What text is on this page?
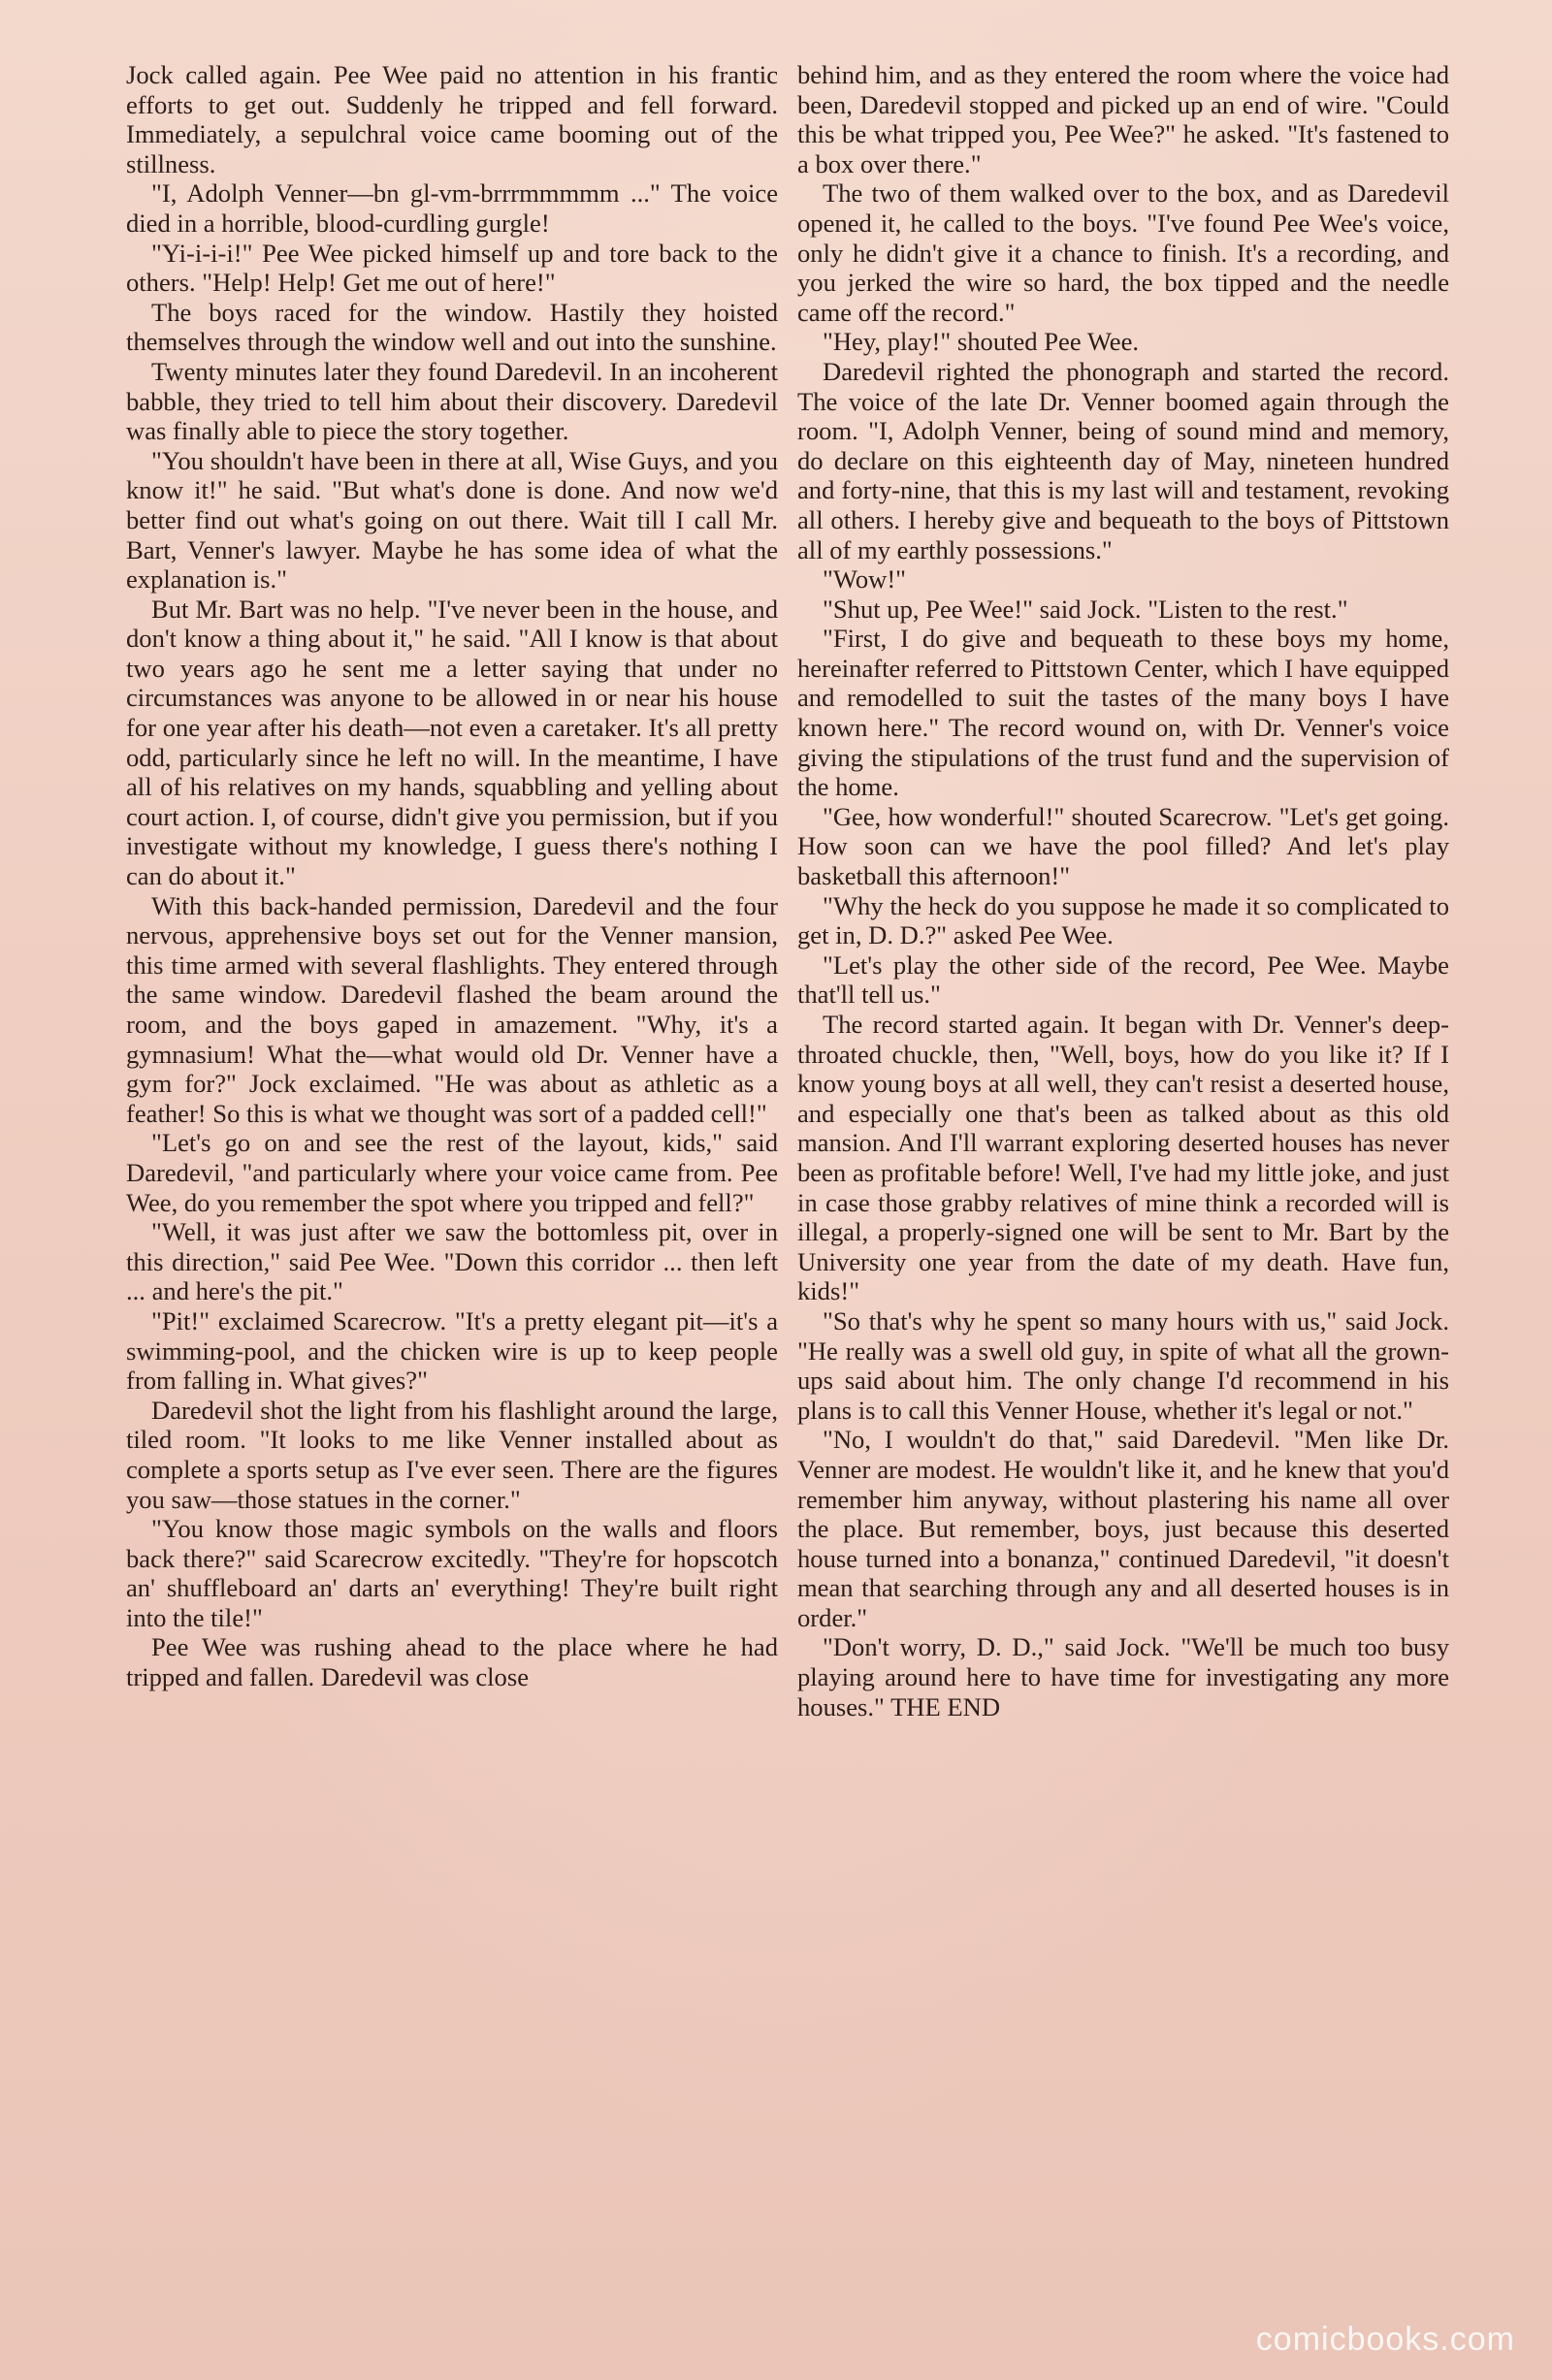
Jock called again. Pee Wee paid no attention in his frantic efforts to get out. Suddenly he tripped and fell forward. Immediately, a sepulchral voice came booming out of the stillness.

"I, Adolph Venner—bn gl-vm-brrrmmmmm ..." The voice died in a horrible, blood-curdling gurgle!

"Yi-i-i-i!" Pee Wee picked himself up and tore back to the others. "Help! Help! Get me out of here!"

The boys raced for the window. Hastily they hoisted themselves through the window well and out into the sunshine.

Twenty minutes later they found Daredevil. In an incoherent babble, they tried to tell him about their discovery. Daredevil was finally able to piece the story together.

"You shouldn't have been in there at all, Wise Guys, and you know it!" he said. "But what's done is done. And now we'd better find out what's going on out there. Wait till I call Mr. Bart, Venner's lawyer. Maybe he has some idea of what the explanation is."

But Mr. Bart was no help. "I've never been in the house, and don't know a thing about it," he said. "All I know is that about two years ago he sent me a letter saying that under no circumstances was anyone to be allowed in or near his house for one year after his death—not even a caretaker. It's all pretty odd, particularly since he left no will. In the meantime, I have all of his relatives on my hands, squabbling and yelling about court action. I, of course, didn't give you permission, but if you investigate without my knowledge, I guess there's nothing I can do about it."

With this back-handed permission, Daredevil and the four nervous, apprehensive boys set out for the Venner mansion, this time armed with several flashlights. They entered through the same window. Daredevil flashed the beam around the room, and the boys gaped in amazement. "Why, it's a gymnasium! What the—what would old Dr. Venner have a gym for?" Jock exclaimed. "He was about as athletic as a feather! So this is what we thought was sort of a padded cell!"

"Let's go on and see the rest of the layout, kids," said Daredevil, "and particularly where your voice came from. Pee Wee, do you remember the spot where you tripped and fell?"

"Well, it was just after we saw the bottomless pit, over in this direction," said Pee Wee. "Down this corridor ... then left ... and here's the pit."

"Pit!" exclaimed Scarecrow. "It's a pretty elegant pit—it's a swimming-pool, and the chicken wire is up to keep people from falling in. What gives?"

Daredevil shot the light from his flashlight around the large, tiled room. "It looks to me like Venner installed about as complete a sports setup as I've ever seen. There are the figures you saw—those statues in the corner."

"You know those magic symbols on the walls and floors back there?" said Scarecrow excitedly. "They're for hopscotch an' shuffleboard an' darts an' everything! They're built right into the tile!"

Pee Wee was rushing ahead to the place where he had tripped and fallen. Daredevil was close

behind him, and as they entered the room where the voice had been, Daredevil stopped and picked up an end of wire. "Could this be what tripped you, Pee Wee?" he asked. "It's fastened to a box over there."

The two of them walked over to the box, and as Daredevil opened it, he called to the boys. "I've found Pee Wee's voice, only he didn't give it a chance to finish. It's a recording, and you jerked the wire so hard, the box tipped and the needle came off the record."

"Hey, play!" shouted Pee Wee.

Daredevil righted the phonograph and started the record. The voice of the late Dr. Venner boomed again through the room. "I, Adolph Venner, being of sound mind and memory, do declare on this eighteenth day of May, nineteen hundred and forty-nine, that this is my last will and testament, revoking all others. I hereby give and bequeath to the boys of Pittstown all of my earthly possessions."

"Wow!"

"Shut up, Pee Wee!" said Jock. "Listen to the rest."

"First, I do give and bequeath to these boys my home, hereinafter referred to Pittstown Center, which I have equipped and remodelled to suit the tastes of the many boys I have known here." The record wound on, with Dr. Venner's voice giving the stipulations of the trust fund and the supervision of the home.

"Gee, how wonderful!" shouted Scarecrow. "Let's get going. How soon can we have the pool filled? And let's play basketball this afternoon!"

"Why the heck do you suppose he made it so complicated to get in, D. D.?" asked Pee Wee.

"Let's play the other side of the record, Pee Wee. Maybe that'll tell us."

The record started again. It began with Dr. Venner's deep-throated chuckle, then, "Well, boys, how do you like it? If I know young boys at all well, they can't resist a deserted house, and especially one that's been as talked about as this old mansion. And I'll warrant exploring deserted houses has never been as profitable before! Well, I've had my little joke, and just in case those grabby relatives of mine think a recorded will is illegal, a properly-signed one will be sent to Mr. Bart by the University one year from the date of my death. Have fun, kids!"

"So that's why he spent so many hours with us," said Jock. "He really was a swell old guy, in spite of what all the grown-ups said about him. The only change I'd recommend in his plans is to call this Venner House, whether it's legal or not."

"No, I wouldn't do that," said Daredevil. "Men like Dr. Venner are modest. He wouldn't like it, and he knew that you'd remember him anyway, without plastering his name all over the place. But remember, boys, just because this deserted house turned into a bonanza," continued Daredevil, "it doesn't mean that searching through any and all deserted houses is in order."

"Don't worry, D. D.," said Jock. "We'll be much too busy playing around here to have time for investigating any more houses." THE END

comicbooks.com
